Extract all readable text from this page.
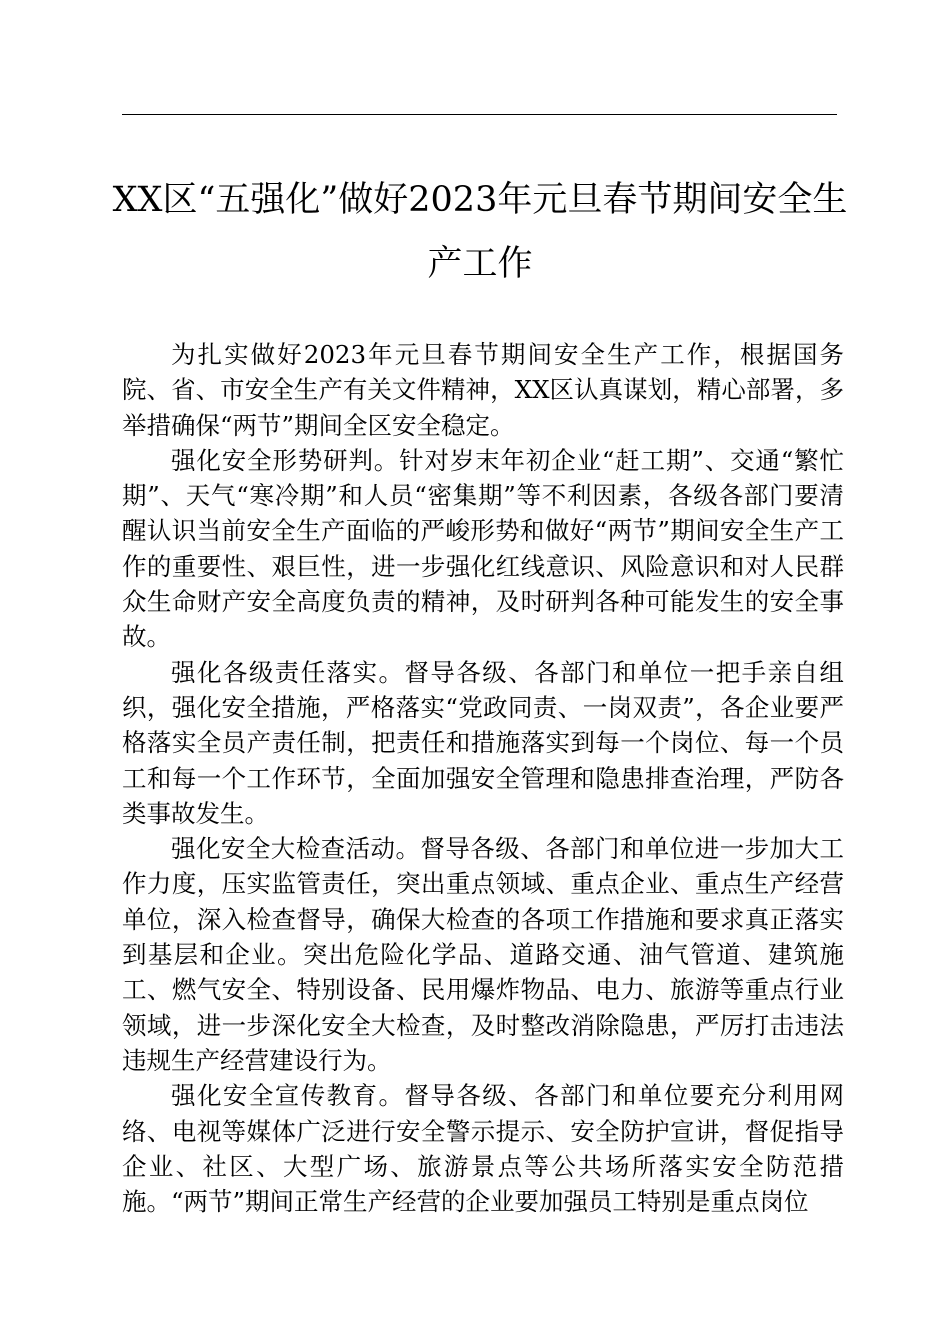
XX区“五强化”做好2023年元旦春节期间安全生产工作

为扎实做好2023年元旦春节期间安全生产工作，根据国务院、省、市安全生产有关文件精神，XX区认真谋划，精心部署，多举措确保“两节”期间全区安全稳定。

强化安全形势研判。针对岁末年初企业“赶工期”、交通“繁忙期”、天气“寒冷期”和人员“密集期”等不利因素，各级各部门要清醒认识当前安全生产面临的严峻形势和做好“两节”期间安全生产工作的重要性、艰巨性，进一步强化红线意识、风险意识和对人民群众生命财产安全高度负责的精神，及时研判各种可能发生的安全事故。

强化各级责任落实。督导各级、各部门和单位一把手亲自组织，强化安全措施，严格落实“党政同责、一岗双责”，各企业要严格落实全员产责任制，把责任和措施落实到每一个岗位、每一个员工和每一个工作环节，全面加强安全管理和隐患排查治理，严防各类事故发生。

强化安全大检查活动。督导各级、各部门和单位进一步加大工作力度，压实监管责任，突出重点领域、重点企业、重点生产经营单位，深入检查督导，确保大检查的各项工作措施和要求真正落实到基层和企业。突出危险化学品、道路交通、油气管道、建筑施工、燃气安全、特别设备、民用爆炸物品、电力、旅游等重点行业领域，进一步深化安全大检查，及时整改消除隐患，严厉打击违法违规生产经营建设行为。

强化安全宣传教育。督导各级、各部门和单位要充分利用网络、电视等媒体广泛进行安全警示提示、安全防护宣讲，督促指导企业、社区、大型广场、旅游景点等公共场所落实安全防范措施。“两节”期间正常生产经营的企业要加强员工特别是重点岗位
